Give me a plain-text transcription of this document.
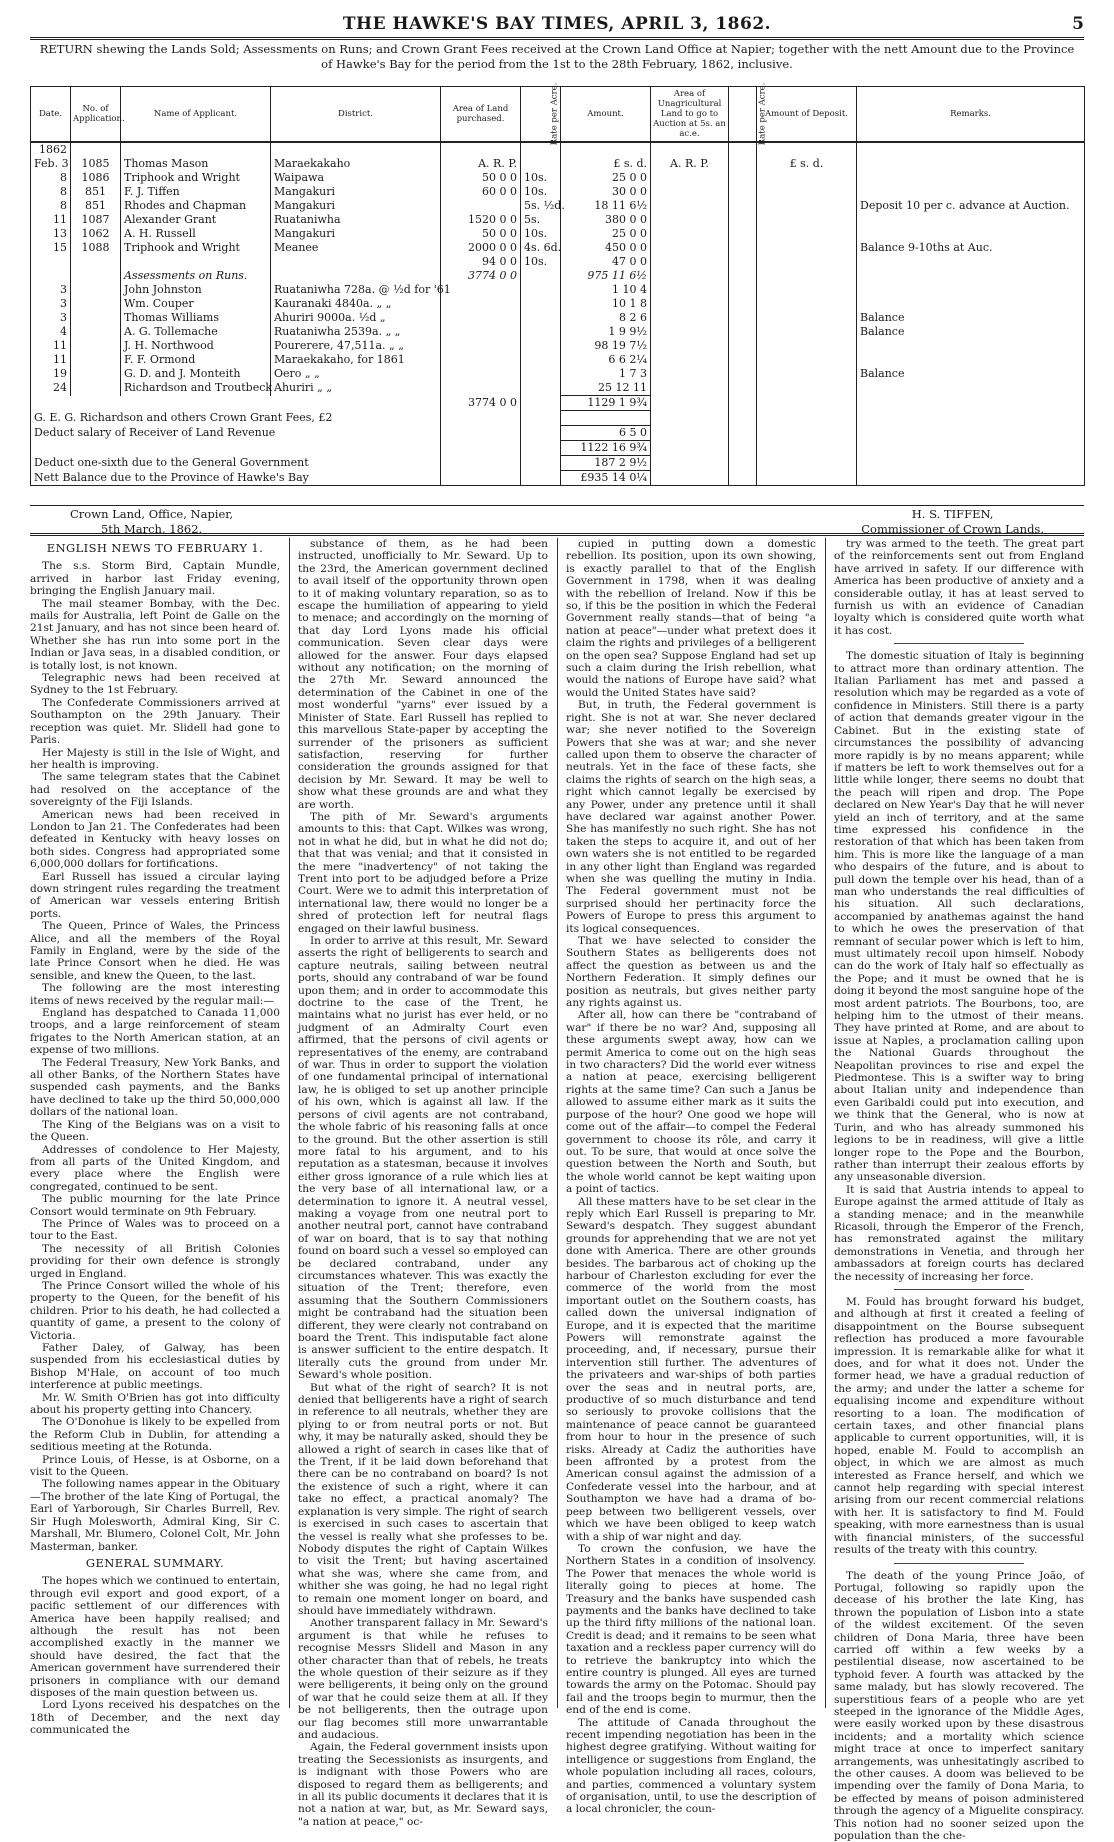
THE HAWKE'S BAY TIMES, APRIL 3, 1862.	5
RETURN shewing the Lands Sold; Assessments on Runs; and Crown Grant Fees received at the Crown Land Office at Napier; together with the nett Amount due to the Province of Hawke's Bay for the period from the 1st to the 28th February, 1862, inclusive.
Date.	No. of Application.	Name of Applicant.	District.	Area of Land purchased.	Rate per Acre.	Amount.	Area of Unagricultural Land to go to Auction at 5s. an ac.e.	Rate per Acre.	Amount of Deposit.	Remarks.
1862										
Feb. 3	1085	Thomas Mason	Maraekakaho	A. R. P.		£ s. d.	A. R. P.		£ s. d.	
8	1086	Triphook and Wright	Waipawa	50 0 0	10s.	25 0 0				
8	851	F. J. Tiffen	Mangakuri	60 0 0	10s.	30 0 0				
8	851	Rhodes and Chapman	Mangakuri		5s. ½d.	18 11 6½				Deposit 10 per c. advance at Auction.
11	1087	Alexander Grant	Ruataniwha	1520 0 0	5s.	380 0 0				
13	1062	A. H. Russell	Mangakuri	50 0 0	10s.	25 0 0				
15	1088	Triphook and Wright	Meanee	2000 0 0	4s. 6d.	450 0 0				Balance 9-10ths at Auc.
				94 0 0	10s.	47 0 0				
		Assessments on Runs.		3774 0 0		975 11 6½				
3		John Johnston	Ruataniwha 728a. @ ½d for '61			1 10 4				
3		Wm. Couper	Kauranaki 4840a. „ „			10 1 8				
3		Thomas Williams	Ahuriri 9000a. ½d „			8 2 6				Balance
4		A. G. Tollemache	Ruataniwha 2539a. „ „			1 9 9½				Balance
11		J. H. Northwood	Pourerere, 47,511a. „ „			98 19 7½				
11		F. F. Ormond	Maraekakaho, for 1861			6 6 2¼				
19		G. D. and J. Monteith	Oero „ „			1 7 3				Balance
24		Richardson and Troutbeck	Ahuriri „ „			25 12 11				
				3774 0 0		1129 1 9¾				
G. E. G. Richardson and others Crown Grant Fees, £2										
Deduct salary of Receiver of Land Revenue						6 5 0				
						1122 16 9¾				
Deduct one-sixth due to the General Government						187 2 9½				
Nett Balance due to the Province of Hawke's Bay						£935 14 0¼				
Crown Land, Office, Napier,
5th March, 1862.
H. S. TIFFEN,
Commissioner of Crown Lands.
ENGLISH NEWS TO FEBRUARY 1.

The s.s. Storm Bird, Captain Mundle, arrived in harbor last Friday evening, bringing the English January mail.

The mail steamer Bombay, with the Dec. mails for Australia, left Point de Galle on the 21st January, and has not since been heard of. Whether she has run into some port in the Indian or Java seas, in a disabled condition, or is totally lost, is not known.

Telegraphic news had been received at Sydney to the 1st February.

The Confederate Commissioners arrived at Southampton on the 29th January. Their reception was quiet. Mr. Slidell had gone to Paris.

Her Majesty is still in the Isle of Wight, and her health is improving.

The same telegram states that the Cabinet had resolved on the acceptance of the sovereignty of the Fiji Islands.

American news had been received in London to Jan 21. The Confederates had been defeated in Kentucky with heavy losses on both sides. Congress had appropriated some 6,000,000 dollars for fortifications.

Earl Russell has issued a circular laying down stringent rules regarding the treatment of American war vessels entering British ports.

The Queen, Prince of Wales, the Princess Alice, and all the members of the Royal Family in England, were by the side of the late Prince Consort when he died. He was sensible, and knew the Queen, to the last.

The following are the most interesting items of news received by the regular mail:—

England has despatched to Canada 11,000 troops, and a large reinforcement of steam frigates to the North American station, at an expense of two millions.

The Federal Treasury, New York Banks, and all other Banks, of the Northern States have suspended cash payments, and the Banks have declined to take up the third 50,000,000 dollars of the national loan.

The King of the Belgians was on a visit to the Queen.

Addresses of condolence to Her Majesty, from all parts of the United Kingdom, and every place where the English were congregated, continued to be sent.

The public mourning for the late Prince Consort would terminate on 9th February.

The Prince of Wales was to proceed on a tour to the East.

The necessity of all British Colonies providing for their own defence is strongly urged in England.

The Prince Consort willed the whole of his property to the Queen, for the benefit of his children. Prior to his death, he had collected a quantity of game, a present to the colony of Victoria.

Father Daley, of Galway, has been suspended from his ecclesiastical duties by Bishop M'Hale, on account of too much interference at public meetings.

Mr. W. Smith O'Brien has got into difficulty about his property getting into Chancery.

The O'Donohue is likely to be expelled from the Reform Club in Dublin, for attending a seditious meeting at the Rotunda.

Prince Louis, of Hesse, is at Osborne, on a visit to the Queen.

The following names appear in the Obituary —The brother of the late King of Portugal, the Earl of Yarborough, Sir Charles Burrell, Rev. Sir Hugh Molesworth, Admiral King, Sir C. Marshall, Mr. Blumero, Colonel Colt, Mr. John Masterman, banker.

GENERAL SUMMARY.

The hopes which we continued to entertain, through evil export and good export, of a pacific settlement of our differences with America have been happily realised; and although the result has not been accomplished exactly in the manner we should have desired, the fact that the American government have surrendered their prisoners in compliance with our demand disposes of the main question between us.

Lord Lyons received his despatches on the 18th of December, and the next day communicated the

substance of them, as he had been instructed, unofficially to Mr. Seward. Up to the 23rd, the American government declined to avail itself of the opportunity thrown open to it of making voluntary reparation, so as to escape the humiliation of appearing to yield to menace; and accordingly on the morning of that day Lord Lyons made his official communication. Seven clear days were allowed for the answer. Four days elapsed without any notification; on the morning of the 27th Mr. Seward announced the determination of the Cabinet in one of the most wonderful "yarns" ever issued by a Minister of State. Earl Russell has replied to this marvellous State-paper by accepting the surrender of the prisoners as sufficient satisfaction, reserving for further consideration the grounds assigned for that decision by Mr. Seward. It may be well to show what these grounds are and what they are worth.

The pith of Mr. Seward's arguments amounts to this: that Capt. Wilkes was wrong, not in what he did, but in what he did not do; that that was venial; and that it consisted in the mere "inadvertency" of not taking the Trent into port to be adjudged before a Prize Court. Were we to admit this interpretation of international law, there would no longer be a shred of protection left for neutral flags engaged on their lawful business.

In order to arrive at this result, Mr. Seward asserts the right of belligerents to search and capture neutrals, sailing between neutral ports, should any contraband of war be found upon them; and in order to accommodate this doctrine to the case of the Trent, he maintains what no jurist has ever held, or no judgment of an Admiralty Court even affirmed, that the persons of civil agents or representatives of the enemy, are contraband of war. Thus in order to support the violation of one fundamental principal of international law, he is obliged to set up another principle of his own, which is against all law. If the persons of civil agents are not contraband, the whole fabric of his reasoning falls at once to the ground. But the other assertion is still more fatal to his argument, and to his reputation as a statesman, because it involves either gross ignorance of a rule which lies at the very base of all international law, or a determination to ignore it. A neutral vessel, making a voyage from one neutral port to another neutral port, cannot have contraband of war on board, that is to say that nothing found on board such a vessel so employed can be declared contraband, under any circumstances whatever. This was exactly the situation of the Trent; therefore, even assuming that the Southern Commissioners might be contraband had the situation been different, they were clearly not contraband on board the Trent. This indisputable fact alone is answer sufficient to the entire despatch. It literally cuts the ground from under Mr. Seward's whole position.

But what of the right of search? It is not denied that belligerents have a right of search in reference to all neutrals, whether they are plying to or from neutral ports or not. But why, it may be naturally asked, should they be allowed a right of search in cases like that of the Trent, if it be laid down beforehand that there can be no contraband on board? Is not the existence of such a right, where it can take no effect, a practical anomaly? The explanation is very simple. The right of search is exercised in such cases to ascertain that the vessel is really what she professes to be. Nobody disputes the right of Captain Wilkes to visit the Trent; but having ascertained what she was, where she came from, and whither she was going, he had no legal right to remain one moment longer on board, and should have immediately withdrawn.

Another transparent fallacy in Mr. Seward's argument is that while he refuses to recognise Messrs Slidell and Mason in any other character than that of rebels, he treats the whole question of their seizure as if they were belligerents, it being only on the ground of war that he could seize them at all. If they be not belligerents, then the outrage upon our flag becomes still more unwarrantable and audacious.

Again, the Federal government insists upon treating the Secessionists as insurgents, and is indignant with those Powers who are disposed to regard them as belligerents; and in all its public documents it declares that it is not a nation at war, but, as Mr. Seward says, "a nation at peace," oc-

cupied in putting down a domestic rebellion. Its position, upon its own showing, is exactly parallel to that of the English Government in 1798, when it was dealing with the rebellion of Ireland. Now if this be so, if this be the position in which the Federal Government really stands—that of being "a nation at peace"—under what pretext does it claim the rights and privileges of a belligerent on the open sea? Suppose England had set up such a claim during the Irish rebellion, what would the nations of Europe have said? what would the United States have said?

But, in truth, the Federal government is right. She is not at war. She never declared war; she never notified to the Sovereign Powers that she was at war; and she never called upon them to observe the character of neutrals. Yet in the face of these facts, she claims the rights of search on the high seas, a right which cannot legally be exercised by any Power, under any pretence until it shall have declared war against another Power. She has manifestly no such right. She has not taken the steps to acquire it, and out of her own waters she is not entitled to be regarded in any other light than England was regarded when she was quelling the mutiny in India. The Federal government must not be surprised should her pertinacity force the Powers of Europe to press this argument to its logical consequences.

That we have selected to consider the Southern States as belligerents does not affect the question as between us and the Northern Federation. It simply defines our position as neutrals, but gives neither party any rights against us.

After all, how can there be "contraband of war" if there be no war? And, supposing all these arguments swept away, how can we permit America to come out on the high seas in two characters? Did the world ever witness a nation at peace, exercising belligerent rights at the same time? Can such a Janus be allowed to assume either mark as it suits the purpose of the hour? One good we hope will come out of the affair—to compel the Federal government to choose its rôle, and carry it out. To be sure, that would at once solve the question between the North and South, but the whole world cannot be kept waiting upon a point of tactics.

All these matters have to be set clear in the reply which Earl Russell is preparing to Mr. Seward's despatch. They suggest abundant grounds for apprehending that we are not yet done with America. There are other grounds besides. The barbarous act of choking up the harbour of Charleston excluding for ever the commerce of the world from the most important outlet on the Southern coasts, has called down the universal indignation of Europe, and it is expected that the maritime Powers will remonstrate against the proceeding, and, if necessary, pursue their intervention still further. The adventures of the privateers and war-ships of both parties over the seas and in neutral ports, are, productive of so much disturbance and tend so seriously to provoke collisions that the maintenance of peace cannot be guaranteed from hour to hour in the presence of such risks. Already at Cadiz the authorities have been affronted by a protest from the American consul against the admission of a Confederate vessel into the harbour, and at Southampton we have had a drama of bo-peep between two belligerent vessels, over which we have been obliged to keep watch with a ship of war night and day.

To crown the confusion, we have the Northern States in a condition of insolvency. The Power that menaces the whole world is literally going to pieces at home. The Treasury and the banks have suspended cash payments and the banks have declined to take up the third fifty millions of the national loan. Credit is dead; and it remains to be seen what taxation and a reckless paper currency will do to retrieve the bankruptcy into which the entire country is plunged. All eyes are turned towards the army on the Potomac. Should pay fail and the troops begin to murmur, then the end of the end is come.

The attitude of Canada throughout the recent impending negotiation has been in the highest degree gratifying. Without waiting for intelligence or suggestions from England, the whole population including all races, colours, and parties, commenced a voluntary system of organisation, until, to use the description of a local chronicler, the coun-

try was armed to the teeth. The great part of the reinforcements sent out from England have arrived in safety. If our difference with America has been productive of anxiety and a considerable outlay, it has at least served to furnish us with an evidence of Canadian loyalty which is considered quite worth what it has cost.

The domestic situation of Italy is beginning to attract more than ordinary attention. The Italian Parliament has met and passed a resolution which may be regarded as a vote of confidence in Ministers. Still there is a party of action that demands greater vigour in the Cabinet. But in the existing state of circumstances the possibility of advancing more rapidly is by no means apparent; while if matters be left to work themselves out for a little while longer, there seems no doubt that the peach will ripen and drop. The Pope declared on New Year's Day that he will never yield an inch of territory, and at the same time expressed his confidence in the restoration of that which has been taken from him. This is more like the language of a man who despairs of the future, and is about to pull down the temple over his head, than of a man who understands the real difficulties of his situation. All such declarations, accompanied by anathemas against the hand to which he owes the preservation of that remnant of secular power which is left to him, must ultimately recoil upon himself. Nobody can do the work of Italy half so effectually as the Pope; and it must be owned that he is doing it beyond the most sanguine hope of the most ardent patriots. The Bourbons, too, are helping him to the utmost of their means. They have printed at Rome, and are about to issue at Naples, a proclamation calling upon the National Guards throughout the Neapolitan provinces to rise and expel the Piedmontese. This is a swifter way to bring about Italian unity and independence than even Garibaldi could put into execution, and we think that the General, who is now at Turin, and who has already summoned his legions to be in readiness, will give a little longer rope to the Pope and the Bourbon, rather than interrupt their zealous efforts by any unseasonable diversion.

It is said that Austria intends to appeal to Europe against the armed attitude of Italy as a standing menace; and in the meanwhile Ricasoli, through the Emperor of the French, has remonstrated against the military demonstrations in Venetia, and through her ambassadors at foreign courts has declared the necessity of increasing her force.

M. Fould has brought forward his budget, and although at first it created a feeling of disappointment on the Bourse subsequent reflection has produced a more favourable impression. It is remarkable alike for what it does, and for what it does not. Under the former head, we have a gradual reduction of the army; and under the latter a scheme for equalising income and expenditure without resorting to a loan. The modification of certain taxes, and other financial plans applicable to current opportunities, will, it is hoped, enable M. Fould to accomplish an object, in which we are almost as much interested as France herself, and which we cannot help regarding with special interest arising from our recent commercial relations with her. It is satisfactory to find M. Fould speaking, with more earnestness than is usual with financial ministers, of the successful results of the treaty with this country.

The death of the young Prince João, of Portugal, following so rapidly upon the decease of his brother the late King, has thrown the population of Lisbon into a state of the wildest excitement. Of the seven children of Dona Maria, three have been carried off within a few weeks by a pestilential disease, now ascertained to be typhoid fever. A fourth was attacked by the same malady, but has slowly recovered. The superstitious fears of a people who are yet steeped in the ignorance of the Middle Ages, were easily worked upon by these disastrous incidents; and a mortality which science might trace at once to imperfect sanitary arrangements, was unhesitatingly ascribed to the other causes. A doom was believed to be impending over the family of Dona Maria, to be effected by means of poison administered through the agency of a Miguelite conspiracy. This notion had no sooner seized upon the population than the che-
